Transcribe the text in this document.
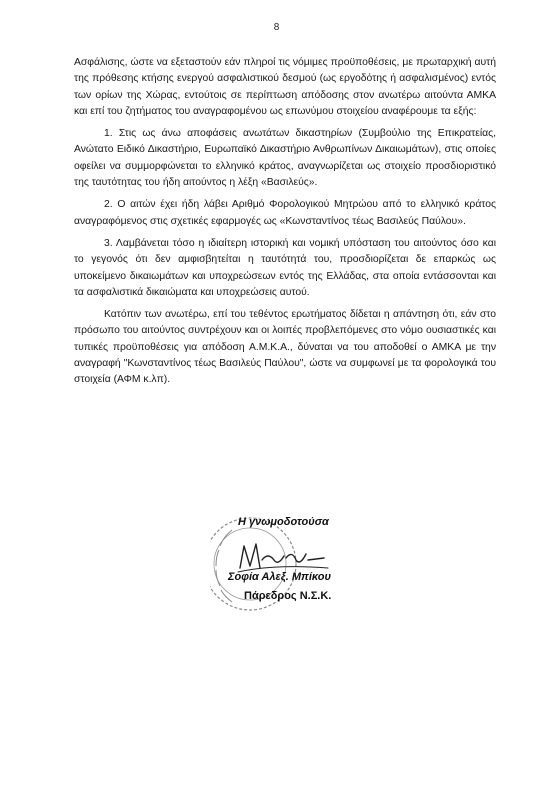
8

Ασφάλισης, ώστε να εξεταστούν εάν πληρoί τις νόμιμες προϋποθέσεις, με πρωταρχική αυτή της πρόθεσης κτήσης ενεργού ασφαλιστικού δεσμού (ως εργοδότης ή ασφαλισμένος) εντός των ορίων της Χώρας, εντούτοις σε περίπτωση απόδοσης στον ανωτέρω αιτούντα ΑΜΚΑ και επί του ζητήματος του αναγραφομένου ως επωνύμου στοιχείου αναφέρουμε τα εξής:

1. Στις ως άνω αποφάσεις ανωτάτων δικαστηρίων (Συμβούλιο της Επικρατείας, Ανώτατο Ειδικό Δικαστήριο, Ευρωπαϊκό Δικαστήριο Ανθρωπίνων Δικαιωμάτων), στις οποίες οφείλει να συμμορφώνεται το ελληνικό κράτος, αναγνωρίζεται ως στοιχείο προσδιοριστικό της ταυτότητας του ήδη αιτούντος η λέξη «Βασιλεύς».

2. Ο αιτών έχει ήδη λάβει Αριθμό Φορολογικού Μητρώου από το ελληνικό κράτος αναγραφόμενος στις σχετικές εφαρμογές ως «Κωνσταντίνος τέως Βασιλεύς Παύλου».

3. Λαμβάνεται τόσο η ιδιαίτερη ιστορική και νομική υπόσταση του αιτούντος όσο και το γεγονός ότι δεν αμφισβητείται η ταυτότητά του, προσδιορίζεται δε επαρκώς ως υποκείμενο δικαιωμάτων και υποχρεώσεων εντός της Ελλάδας, στα οποία εντάσσονται και τα ασφαλιστικά δικαιώματα και υποχρεώσεις αυτού.

Κατόπιν των ανωτέρω, επί του τεθέντος ερωτήματος δίδεται η απάντηση ότι, εάν στο πρόσωπο του αιτούντος συντρέχουν και οι λοιπές προβλεπόμενες στο νόμο ουσιαστικές και τυπικές προϋποθέσεις για απόδοση Α.Μ.Κ.Α., δύναται να του αποδοθεί ο ΑΜΚΑ με την αναγραφή "Κωνσταντίνος τέως Βασιλεύς Παύλου", ώστε να συμφωνεί με τα φορολογικά του στοιχεία (ΑΦΜ κ.λπ).

Η γνωμοδοτούσα
Σοφία Αλεξ. Μπίκου
Πάρεδρος Ν.Σ.Κ.
